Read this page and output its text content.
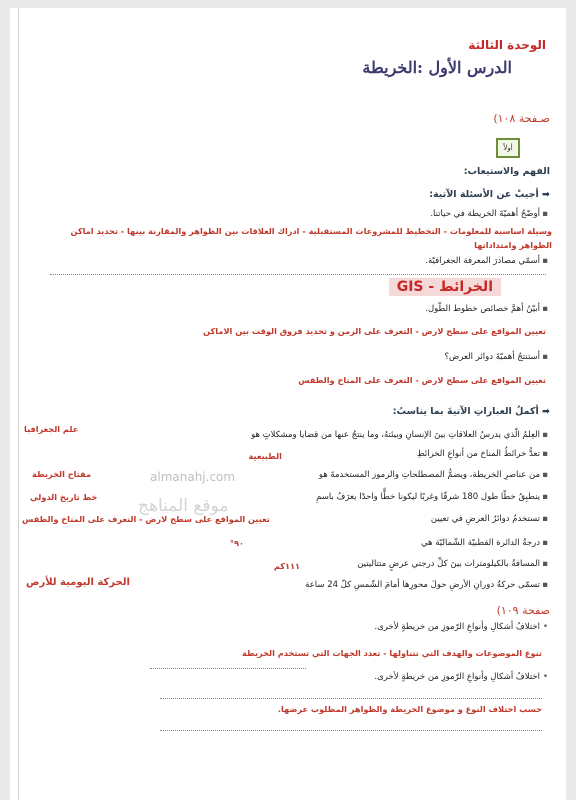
الوحدة الثالثة
الدرس الأول :الخريطة
صـفحة ١٠٨)
أولاً
الفهم والاستيعاب:
➡ أجيبْ عن الأسئلة الآتية:
▪أوضّحُ أهميّةَ الخريطة في حياتنا.
وسيلة اساسية للمعلومات - التخطيط للمشروعات المستقبلية - ادراك العلاقات بين الظواهر والمقارنة بينها - تحديد اماكن
الظواهر وامتداداتها
▪أسمّي مصادرَ المعرفة الجغرافيّة.
الخرائط - GIS
▪أبيّنُ أهمَّ خصائص خطوط الطّول.
تعيين المواقع على سطح لارض - التعرف على الزمن و تحديد فروق الوقت بين الاماكن
▪أستنتجُ أهميّةَ دوائر العرض؟
تعيين المواقع على سطح لارض - التعرف على المناخ والطقس
➡ أكملُ العباراتِ الآتيةَ بما يناسبُ:
▪العِلمُ الّذي يدرسُ العلاقاتِ بينَ الإنسانِ وبيئتهُ، وما ينتجُ عنها من قضايا ومشكلاتٍ هو
علم الجغرافيا
▪تعدُّ خرائطُ المناخ من أنواعِ الخرائطِ
الطبيعية
▪من عناصرِ الخريطة، ويضمُّ المصطلحاتِ والرموز المستخدمةَ هو
مفتاح الخريطة
▪ينطبِقُ خطّا طول 180 شرقًا وغربًا ليكونا خطًّا واحدًا يعرَفُ باسمِ
خط تاريخ الدولي
▪تستخدمُ دوائرُ العرضِ في تعيين
تعيين المواقع على سطح لارض - التعرف على المناخ والطقس
▪درجةُ الدائرة القطبيّة الشّماليّة هي
٩٠°
▪المسافةُ بالكيلومترات بينَ كلِّ درجتي عرضٍ متتاليتين
١١١كم
▪تسمّى حركةُ دورانِ الأرضِ حولَ محورِها أمامَ الشّمسِ كلّ 24 ساعة
الحركة اليومية للأرض
صفحة ١٠٩)
•اختلافُ أشكالِ وأنواعِ الرّموزِ من خريطةٍ لأخرى.
تنوع الموضوعات والهدف التي تتناولها - تعدد الجهات التي تستخدم الخريطة
•اختلافُ أشكالِ وأنواعِ الرّموزِ من خريطةٍ لأخرى.
حسب اختلاف النوع و موضوع الخريطة والظواهر المطلوب عرضها.
almanahj.com
موقع المناهج
